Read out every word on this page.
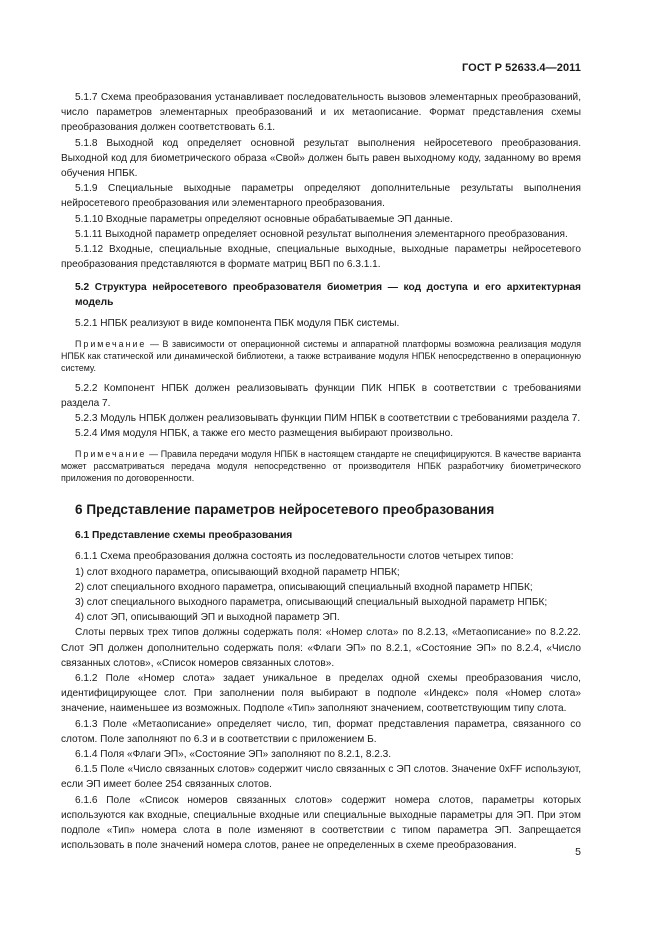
ГОСТ Р 52633.4—2011

5.1.7 Схема преобразования устанавливает последовательность вызовов элементарных преобразований, число параметров элементарных преобразований и их метаописание. Формат представления схемы преобразования должен соответствовать 6.1.

5.1.8 Выходной код определяет основной результат выполнения нейросетевого преобразования. Выходной код для биометрического образа «Свой» должен быть равен выходному коду, заданному во время обучения НПБК.

5.1.9 Специальные выходные параметры определяют дополнительные результаты выполнения нейросетевого преобразования или элементарного преобразования.

5.1.10 Входные параметры определяют основные обрабатываемые ЭП данные.

5.1.11 Выходной параметр определяет основной результат выполнения элементарного преобразования.

5.1.12 Входные, специальные входные, специальные выходные, выходные параметры нейросетевого преобразования представляются в формате матриц ВБП по 6.3.1.1.

5.2 Структура нейросетевого преобразователя биометрия — код доступа и его архитектурная модель

5.2.1 НПБК реализуют в виде компонента ПБК модуля ПБК системы.

Примечание — В зависимости от операционной системы и аппаратной платформы возможна реализация модуля НПБК как статической или динамической библиотеки, а также встраивание модуля НПБК непосредственно в операционную систему.

5.2.2 Компонент НПБК должен реализовывать функции ПИК НПБК в соответствии с требованиями раздела 7.

5.2.3 Модуль НПБК должен реализовывать функции ПИМ НПБК в соответствии с требованиями раздела 7.

5.2.4 Имя модуля НПБК, а также его место размещения выбирают произвольно.

Примечание — Правила передачи модуля НПБК в настоящем стандарте не специфицируются. В качестве варианта может рассматриваться передача модуля непосредственно от производителя НПБК разработчику биометрического приложения по договоренности.

6 Представление параметров нейросетевого преобразования

6.1 Представление схемы преобразования

6.1.1 Схема преобразования должна состоять из последовательности слотов четырех типов:

1) слот входного параметра, описывающий входной параметр НПБК;

2) слот специального входного параметра, описывающий специальный входной параметр НПБК;

3) слот специального выходного параметра, описывающий специальный выходной параметр НПБК;

4) слот ЭП, описывающий ЭП и выходной параметр ЭП.

Слоты первых трех типов должны содержать поля: «Номер слота» по 8.2.13, «Метаописание» по 8.2.22. Слот ЭП должен дополнительно содержать поля: «Флаги ЭП» по 8.2.1, «Состояние ЭП» по 8.2.4, «Число связанных слотов», «Список номеров связанных слотов».

6.1.2 Поле «Номер слота» задает уникальное в пределах одной схемы преобразования число, идентифицирующее слот. При заполнении поля выбирают в подполе «Индекс» поля «Номер слота» значение, наименьшее из возможных. Подполе «Тип» заполняют значением, соответствующим типу слота.

6.1.3 Поле «Метаописание» определяет число, тип, формат представления параметра, связанного со слотом. Поле заполняют по 6.3 и в соответствии с приложением Б.

6.1.4 Поля «Флаги ЭП», «Состояние ЭП» заполняют по 8.2.1, 8.2.3.

6.1.5 Поле «Число связанных слотов» содержит число связанных с ЭП слотов. Значение 0xFF используют, если ЭП имеет более 254 связанных слотов.

6.1.6 Поле «Список номеров связанных слотов» содержит номера слотов, параметры которых используются как входные, специальные входные или специальные выходные параметры для ЭП. При этом подполе «Тип» номера слота в поле изменяют в соответствии с типом параметра ЭП. Запрещается использовать в поле значений номера слотов, ранее не определенных в схеме преобразования.

5
